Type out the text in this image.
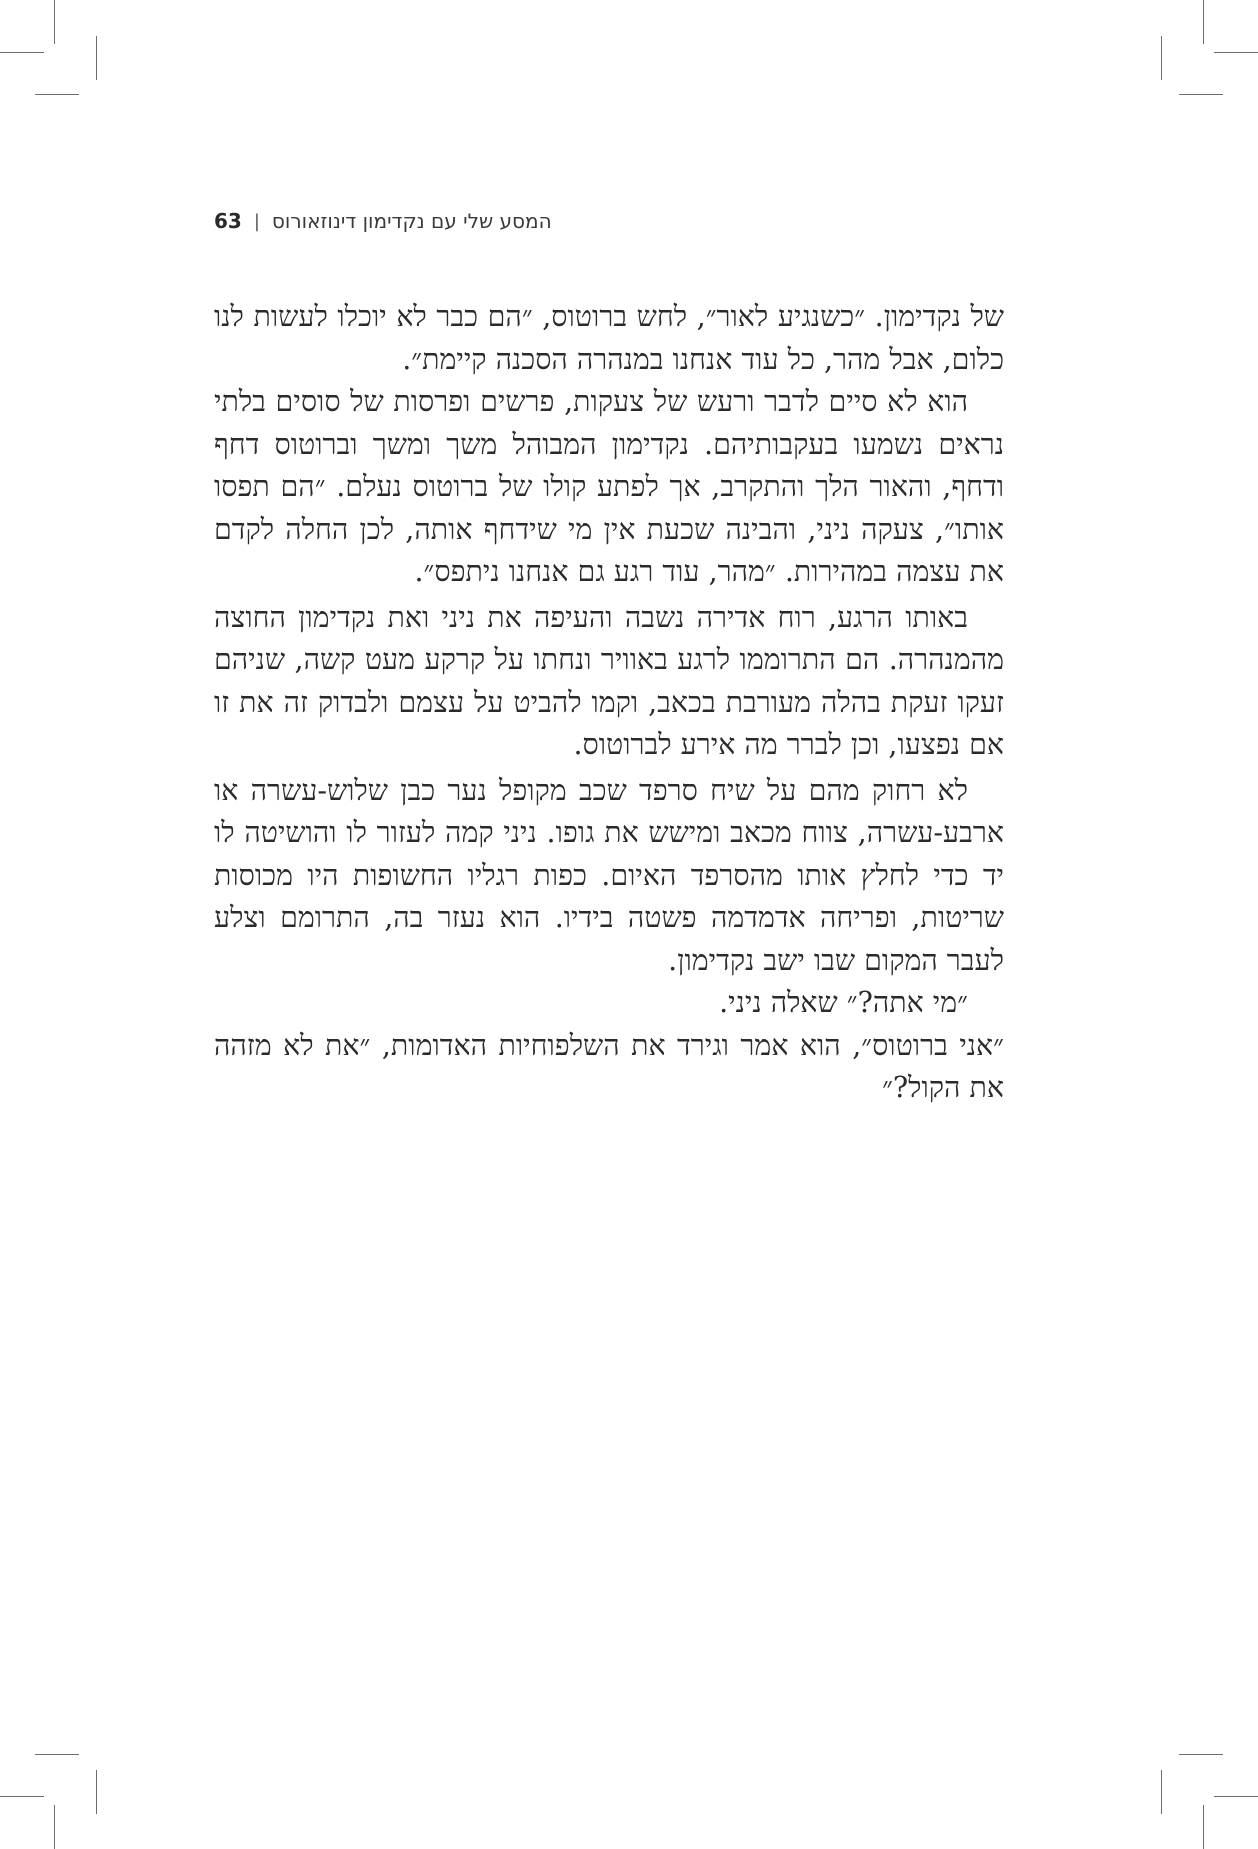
63 | המסע שלי עם נקדימון דינוזאורוס

של נקדימון. ״כשנגיע לאור״, לחש ברוטוס, ״הם כבר לא יוכלו לעשות לנו כלום, אבל מהר, כל עוד אנחנו במנהרה הסכנה קיימת״.

הוא לא סיים לדבר ורעש של צעקות, פרשים ופרסות של סוסים בלתי נראים נשמעו בעקבותיהם. נקדימון המבוהל משך ומשך וברוטוס דחף ודחף, והאור הלך והתקרב, אך לפתע קולו של ברוטוס נעלם. ״הם תפסו אותו״, צעקה ניני, והבינה שכעת אין מי שידחף אותה, לכן החלה לקדם את עצמה במהירות. ״מהר, עוד רגע גם אנחנו ניתפס״.

באותו הרגע, רוח אדירה נשבה והעיפה את ניני ואת נקדימון החוצה מהמנהרה. הם התרוממו לרגע באוויר ונחתו על קרקע מעט קשה, שניהם זעקו זעקת בהלה מעורבת בכאב, וקמו להביט על עצמם ולבדוק זה את זו אם נפצעו, וכן לברר מה אירע לברוטוס.

לא רחוק מהם על שיח סרפד שכב מקופל נער כבן שלוש-עשרה או ארבע-עשרה, צווח מכאב ומישש את גופו. ניני קמה לעזור לו והושיטה לו יד כדי לחלץ אותו מהסרפד האיום. כפות רגליו החשופות היו מכוסות שריטות, ופריחה אדמדמה פשטה בידיו. הוא נעזר בה, התרומם וצלע לעבר המקום שבו ישב נקדימון.

״מי אתה?״ שאלה ניני.

״אני ברוטוס״, הוא אמר וגירד את השלפוחיות האדומות, ״את לא מזהה את הקול?״
